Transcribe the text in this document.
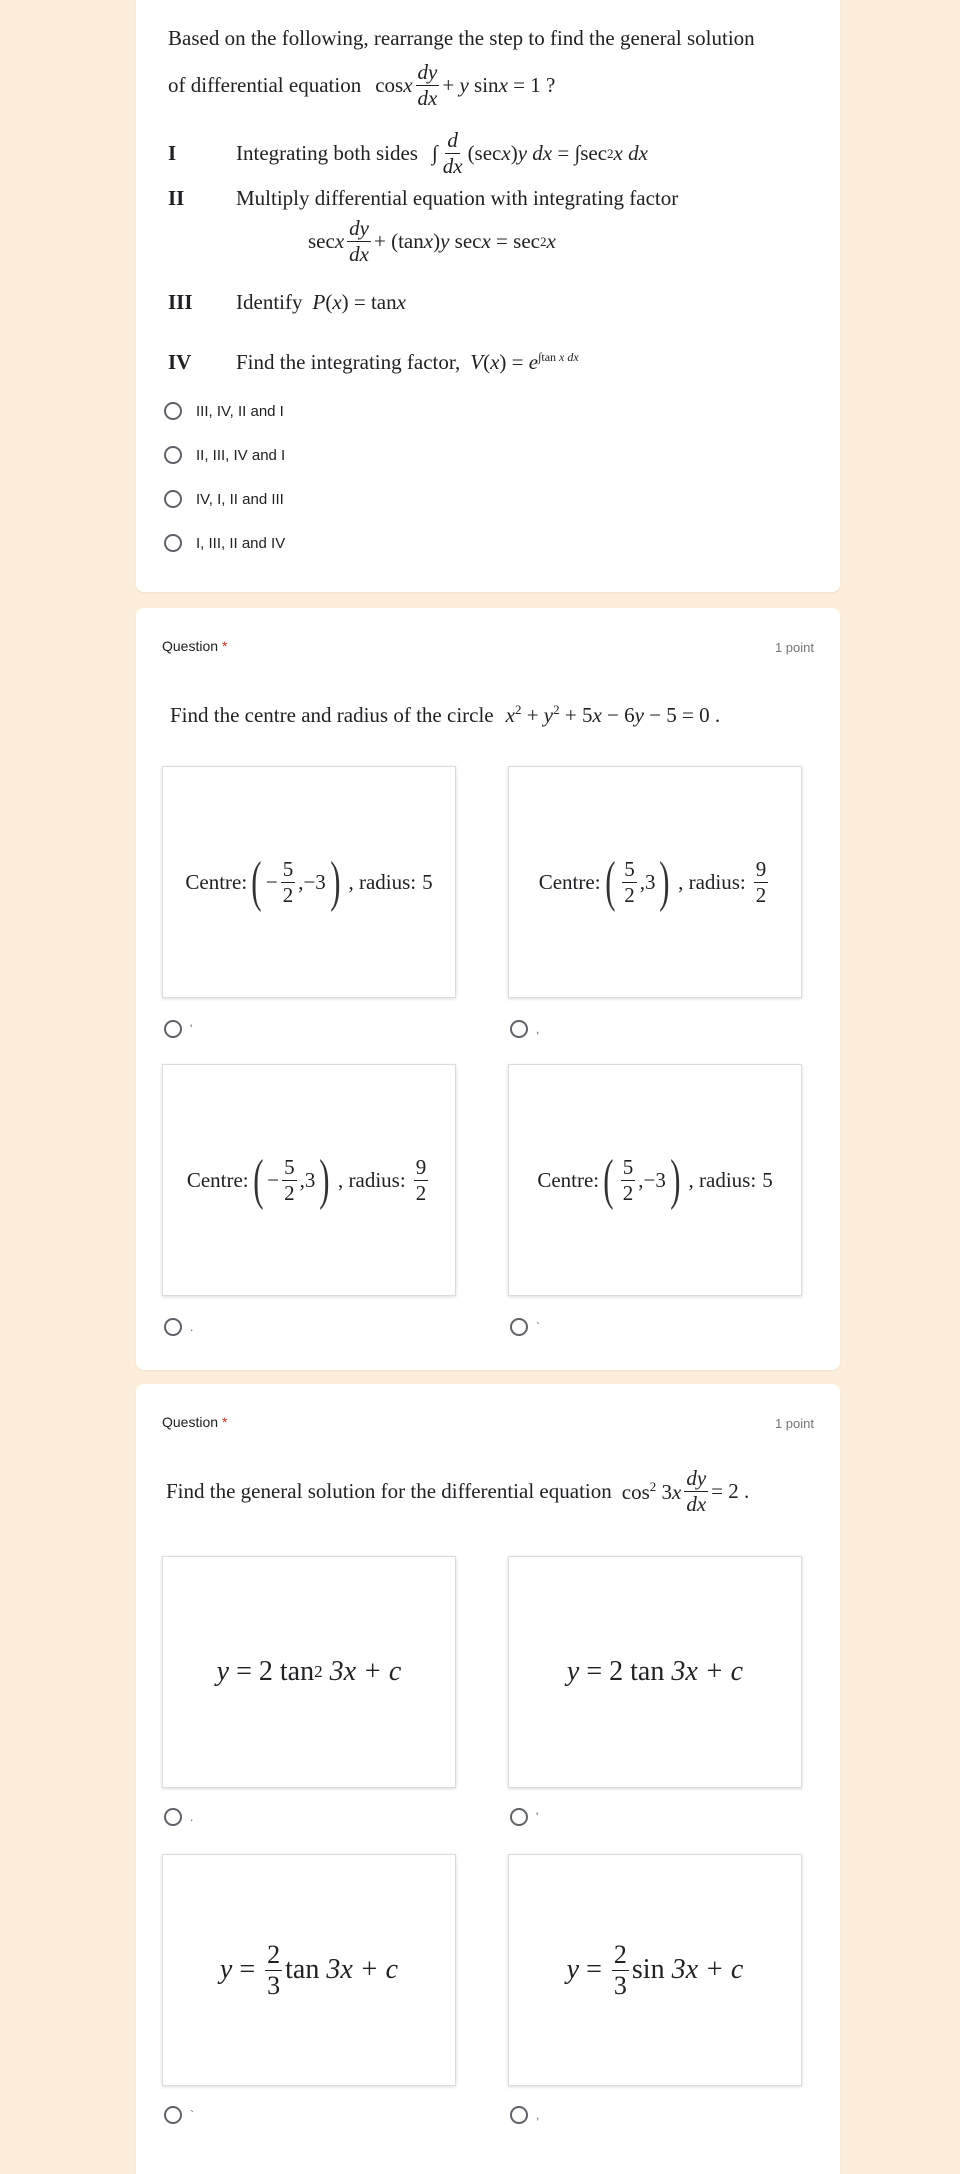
Based on the following, rearrange the step to find the general solution
of differential equation cosx $\frac{dy}{dx} + y$ sinx = 1 ?
I	Integrating both sides ∫ $\frac{d}{dx} (\sec$ x ) y
dx = ∫sec 2 x
dx
II	Multiply differential equation with integrating factor
sec x $\frac{dy}{dx} + (\tan$ x ) y sec x = sec 2 x
III	Identify P(x) = tanx
IV	Find the integrating factor, $V(x) = e^{\int tan x dx}$
III, IV, II and I
II, III, IV and I
IV, I, II and III
I, III, II and IV
Question *	1 point
Find the centre and radius of the circle $x^2 + y^2 + 5x - 6y - 5 = 0$ .
Centre: ( − $\frac{5}{2}$ , −3 ) , radius: 5
'
Centre: ( $\frac{5}{2}$ , 3 ) , radius: $\frac{9}{2}$
,
Centre: ( − $\frac{5}{2}$ , 3 ) , radius: $\frac{9}{2}$
.
Centre: ( $\frac{5}{2}$ , −3 ) , radius: 5
`
Question *	1 point
Find the general solution for the differential equation $\cos^2 3x \frac{dy}{dx} = 2$ .
y = 2
tan 2
3x
+ c
.
y = 2
tan
3x
+ c
'
$y = \frac{2}{3}$ tan
3x
+ c
`
$y = \frac{2}{3}$ sin
3x
+ c
,
